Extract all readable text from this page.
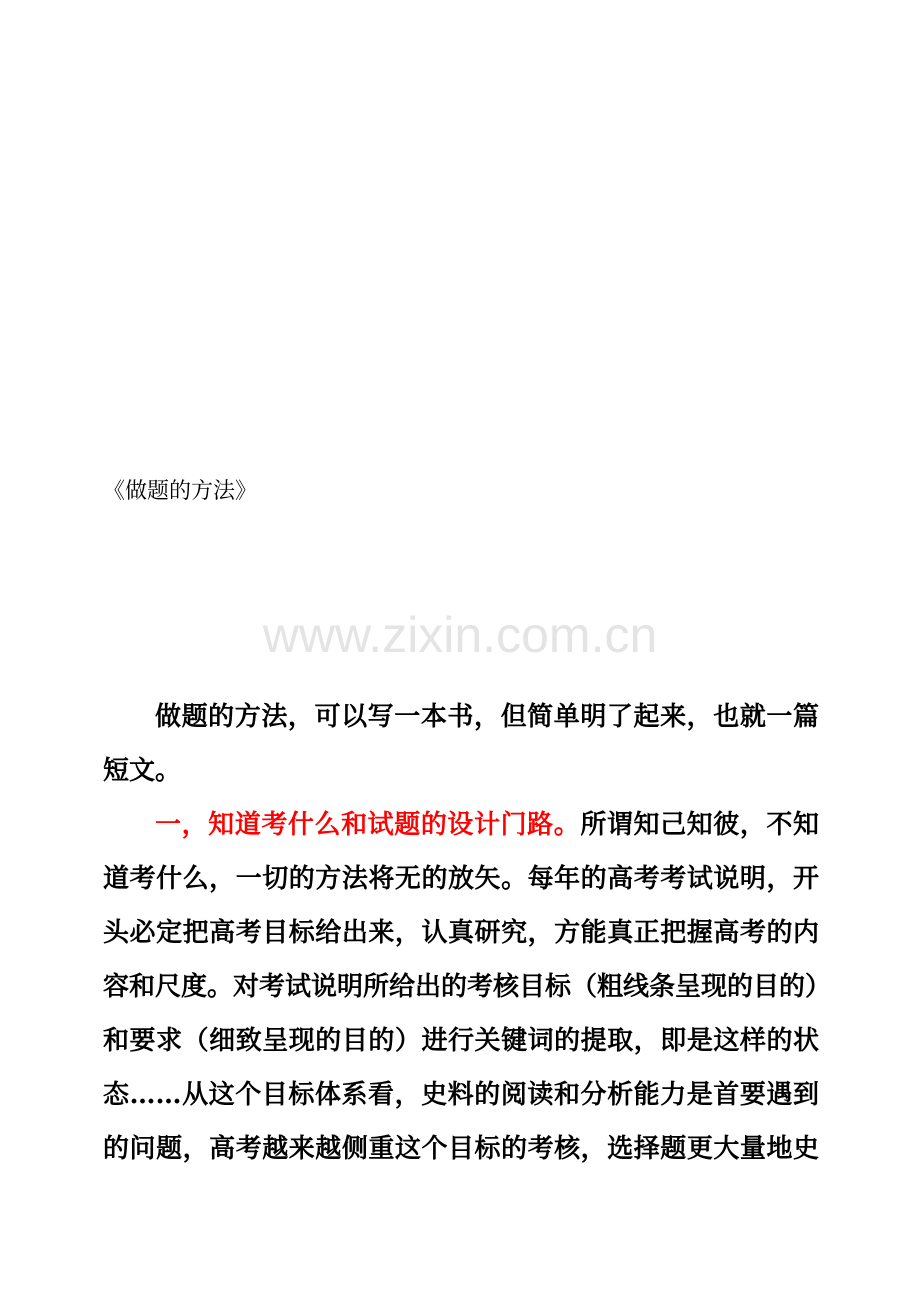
《做题的方法》
www.zixin.com.cn
做题的方法，可以写一本书，但简单明了起来，也就一篇
短文。
一，知道考什么和试题的设计门路。所谓知己知彼，不知
道考什么，一切的方法将无的放矢。每年的高考考试说明，开
头必定把高考目标给出来，认真研究，方能真正把握高考的内
容和尺度。对考试说明所给出的考核目标（粗线条呈现的目的）
和要求（细致呈现的目的）进行关键词的提取，即是这样的状
态……从这个目标体系看，史料的阅读和分析能力是首要遇到
的问题，高考越来越侧重这个目标的考核，选择题更大量地史
